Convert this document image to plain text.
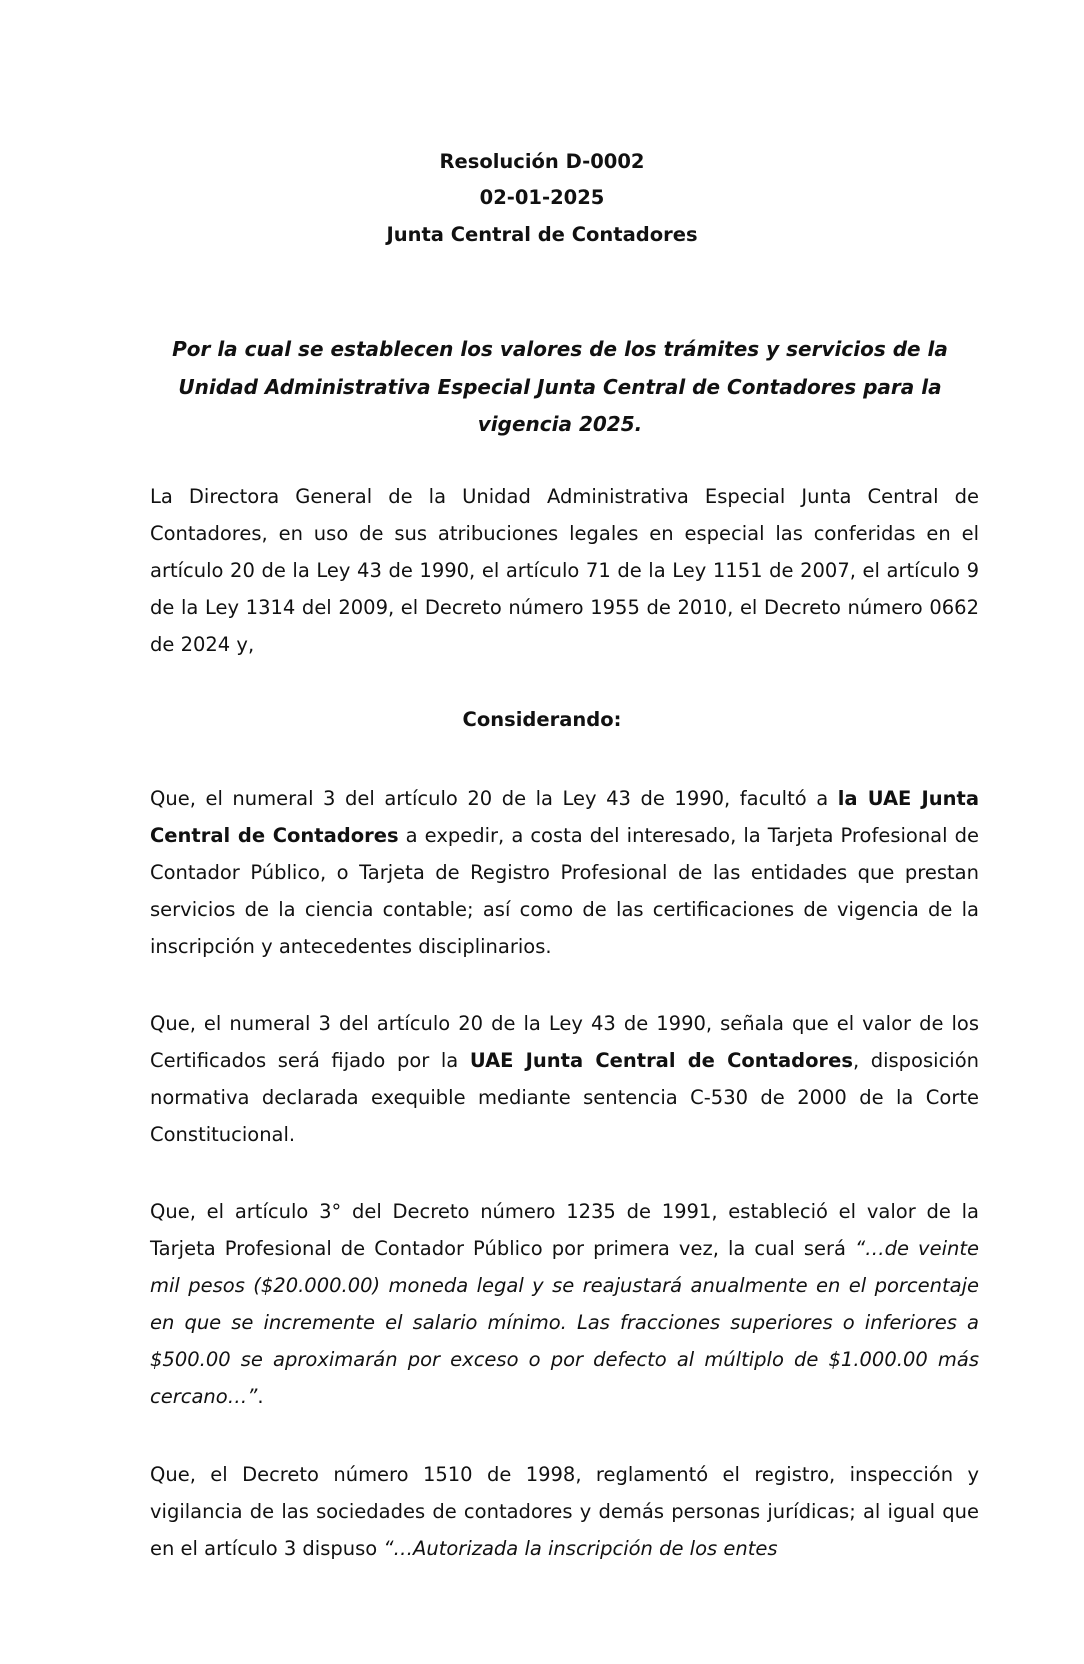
Resolución D-0002
02-01-2025
Junta Central de Contadores
Por la cual se establecen los valores de los trámites y servicios de la Unidad Administrativa Especial Junta Central de Contadores para la vigencia 2025.

La Directora General de la Unidad Administrativa Especial Junta Central de Contadores, en uso de sus atribuciones legales en especial las conferidas en el artículo 20 de la Ley 43 de 1990, el artículo 71 de la Ley 1151 de 2007, el artículo 9 de la Ley 1314 del 2009, el Decreto número 1955 de 2010, el Decreto número 0662 de 2024 y,

Considerando:

Que, el numeral 3 del artículo 20 de la Ley 43 de 1990, facultó a la UAE Junta Central de Contadores a expedir, a costa del interesado, la Tarjeta Profesional de Contador Público, o Tarjeta de Registro Profesional de las entidades que prestan servicios de la ciencia contable; así como de las certificaciones de vigencia de la inscripción y antecedentes disciplinarios.

Que, el numeral 3 del artículo 20 de la Ley 43 de 1990, señala que el valor de los Certificados será fijado por la UAE Junta Central de Contadores, disposición normativa declarada exequible mediante sentencia C-530 de 2000 de la Corte Constitucional.

Que, el artículo 3° del Decreto número 1235 de 1991, estableció el valor de la Tarjeta Profesional de Contador Público por primera vez, la cual será “…de veinte mil pesos ($20.000.00) moneda legal y se reajustará anualmente en el porcentaje en que se incremente el salario mínimo. Las fracciones superiores o inferiores a $500.00 se aproximarán por exceso o por defecto al múltiplo de $1.000.00 más cercano…”.

Que, el Decreto número 1510 de 1998, reglamentó el registro, inspección y vigilancia de las sociedades de contadores y demás personas jurídicas; al igual que en el artículo 3 dispuso “…Autorizada la inscripción de los entes
